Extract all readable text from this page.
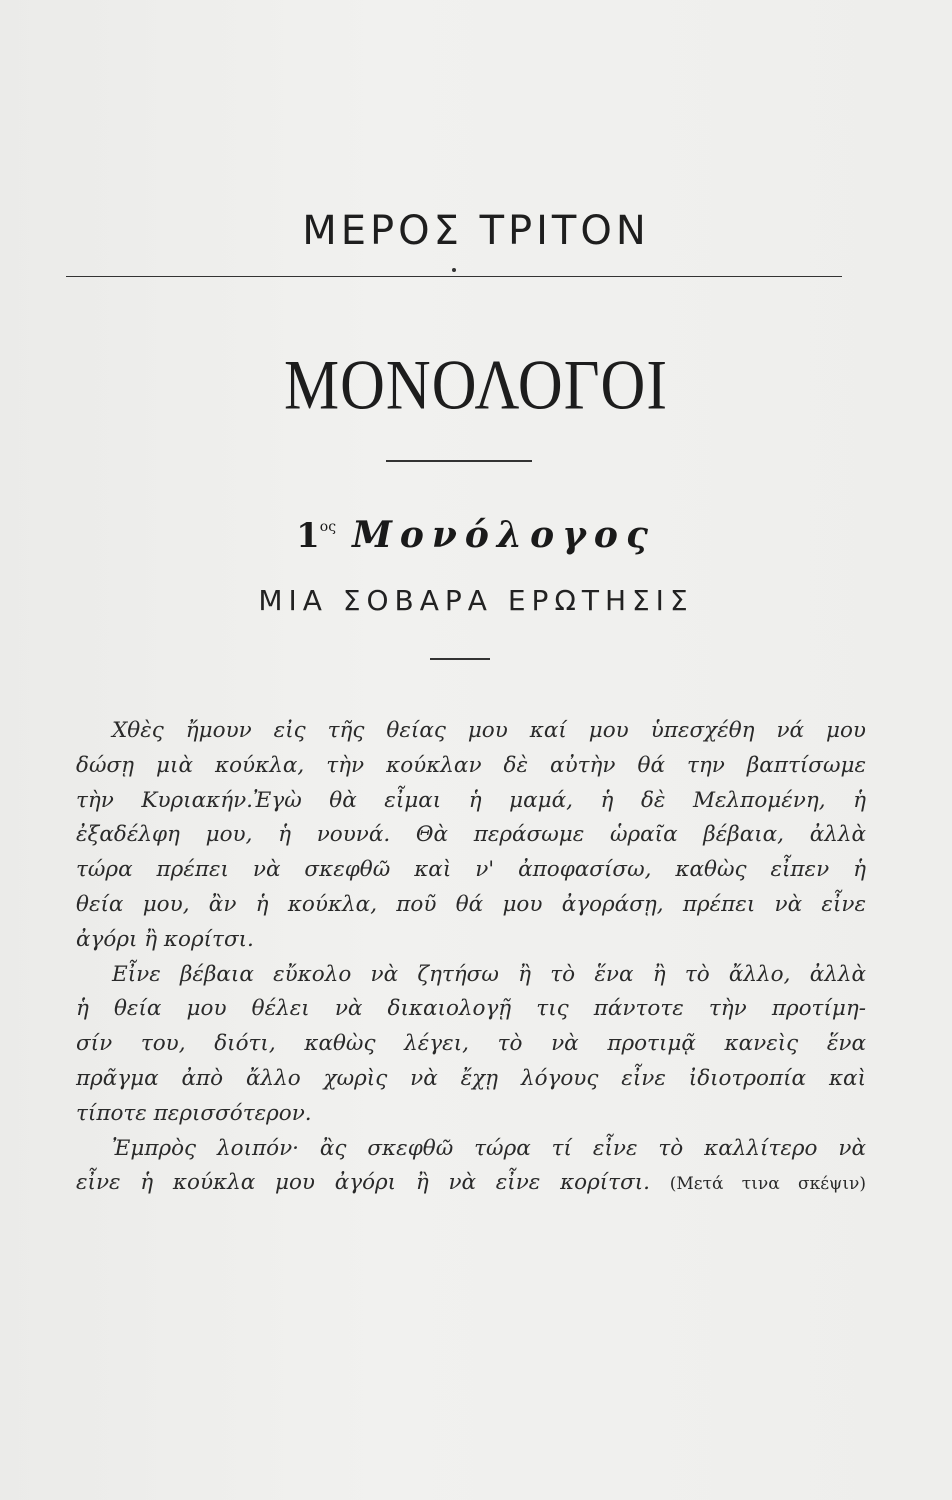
ΜΕΡΟΣ ΤΡΙΤΟΝ
ΜΟΝΟΛΟΓΟΙ
$1^{o\varsigma}$ Μονόλογος
ΜΙΑ ΣΟΒΑΡΑ ΕΡΩΤΗΣΙΣ
Χθὲς ἤμουν εἰς τῆς θείας μου καί μου ὑπεσχέθη νά μου
δώσῃ μιὰ κούκλα, τὴν κούκλαν δὲ αὐτὴν θά την βαπτίσωμε
τὴν Κυριακήν.Ἐγὼ θὰ εἶμαι ἡ μαμά, ἡ δὲ Μελπομένη, ἡ
ἐξαδέλφη μου, ἡ νουνά. Θὰ περάσωμε ὡραῖα βέβαια, ἀλλὰ
τώρα πρέπει νὰ σκεφθῶ καὶ ν' ἀποφασίσω, καθὼς εἶπεν ἡ
θεία μου, ἂν ἡ κούκλα, ποῦ θά μου ἀγοράσῃ, πρέπει νὰ εἶνε
ἀγόρι ἢ κορίτσι.
Εἶνε βέβαια εὔκολο νὰ ζητήσω ἢ τὸ ἕνα ἢ τὸ ἄλλο, ἀλλὰ
ἡ θεία μου θέλει νὰ δικαιολογῇ τις πάντοτε τὴν προτίμη-
σίν του, διότι, καθὼς λέγει, τὸ νὰ προτιμᾷ κανεὶς ἕνα
πρᾶγμα ἀπὸ ἄλλο χωρὶς νὰ ἔχῃ λόγους εἶνε ἰδιοτροπία καὶ
τίποτε περισσότερον.
Ἐμπρὸς λοιπόν· ἂς σκεφθῶ τώρα τί εἶνε τὸ καλλίτερο νὰ
εἶνε ἡ κούκλα μου ἀγόρι ἢ νὰ εἶνε κορίτσι. (Μετά τινα σκέψιν)
